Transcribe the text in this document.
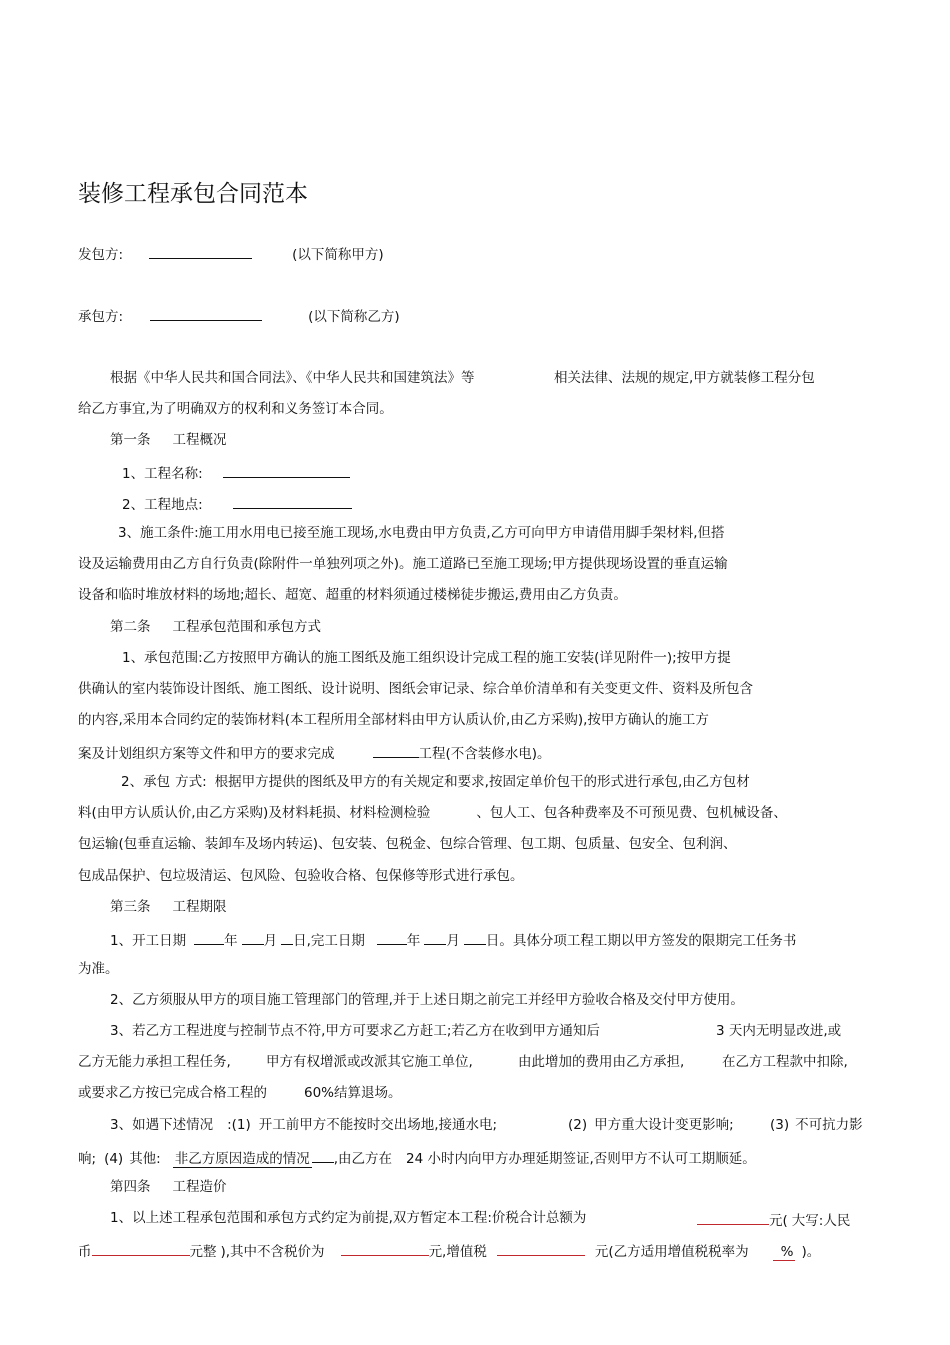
装修工程承包合同范本
发包方:	(以下简称甲方)
承包方:	(以下简称乙方)
根据《中华人民共和国合同法》、《中华人民共和国建筑法》等	相关法律、法规的规定,甲方就装修工程分包
给乙方事宜,为了明确双方的权利和义务签订本合同。
第一条 工程概况
1、工程名称:
2、工程地点:
3、施工条件:施工用水用电已接至施工现场,水电费由甲方负责,乙方可向甲方申请借用脚手架材料,但搭
设及运输费用由乙方自行负责(除附件一单独列项之外)。施工道路已至施工现场;甲方提供现场设置的垂直运输
设备和临时堆放材料的场地;超长、超宽、超重的材料须通过楼梯徒步搬运,费用由乙方负责。
第二条 工程承包范围和承包方式
1、承包范围:乙方按照甲方确认的施工图纸及施工组织设计完成工程的施工安装(详见附件一);按甲方提
供确认的室内装饰设计图纸、施工图纸、设计说明、图纸会审记录、综合单价清单和有关变更文件、资料及所包含
的内容,采用本合同约定的装饰材料(本工程所用全部材料由甲方认质认价,由乙方采购),按甲方确认的施工方
案及计划组织方案等文件和甲方的要求完成	工程(不含装修水电)。
2、承包 方式: 根据甲方提供的图纸及甲方的有关规定和要求,按固定单价包干的形式进行承包,由乙方包材
料(由甲方认质认价,由乙方采购)及材料耗损、材料检测检验	、包人工、包各种费率及不可预见费、包机械设备、
包运输(包垂直运输、装卸车及场内转运)、包安装、包税金、包综合管理、包工期、包质量、包安全、包利润、
包成品保护、包垃圾清运、包风险、包验收合格、包保修等形式进行承包。
第三条 工程期限
1、开工日期	年 月 日,完工日期	年 月 日。具体分项工程工期以甲方签发的限期完工任务书
为准。
2、乙方须服从甲方的项目施工管理部门的管理,并于上述日期之前完工并经甲方验收合格及交付甲方使用。
3、若乙方工程进度与控制节点不符,甲方可要求乙方赶工;若乙方在收到甲方通知后	3 天内无明显改进,或
乙方无能力承担工程任务,	甲方有权增派或改派其它施工单位,	由此增加的费用由乙方承担,	在乙方工程款中扣除,
或要求乙方按已完成合格工程的	60%结算退场。
3、如遇下述情况 :(1) 开工前甲方不能按时交出场地,接通水电;	(2) 甲方重大设计变更影响;	(3) 不可抗力影
响; (4) 其他: 非乙方原因造成的情况 ,由乙方在 24 小时内向甲方办理延期签证,否则甲方不认可工期顺延。
第四条 工程造价
1、以上述工程承包范围和承包方式约定为前提,双方暂定本工程:价税合计总额为	元( 大写:人民
币	元整 ),其中不含税价为	元,增值税	元(乙方适用增值税税率为 % )。
